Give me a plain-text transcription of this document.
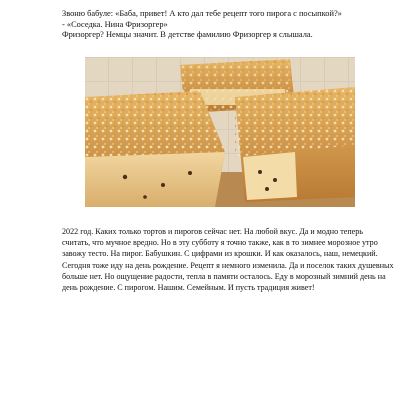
Звоню бабуле: «Баба, привет! А кто дал тебе рецепт того пирога с посыпкой?»
- «Соседка. Нина Фризоргер»
Фризоргер? Немцы значит. В детстве фамилию Фризоргер я слышала.
2022 год. Каких только тортов и пирогов сейчас нет. На любой вкус. Да и модно теперь
считать, что мучное вредно. Но в эту субботу я точно также, как в то зимнее морозное утро
завожу тесто. На пирог. Бабушкин. С цифрами из крошки. И как оказалось, наш, немецкий.
Сегодня тоже иду на день рождение. Рецепт я немного изменила. Да и поселок таких душевных
больше нет. Но ощущение радости, тепла в памяти осталось. Еду в морозный зимний день на
день рождение. С пирогом. Нашим. Семейным. И пусть традиция живет!
